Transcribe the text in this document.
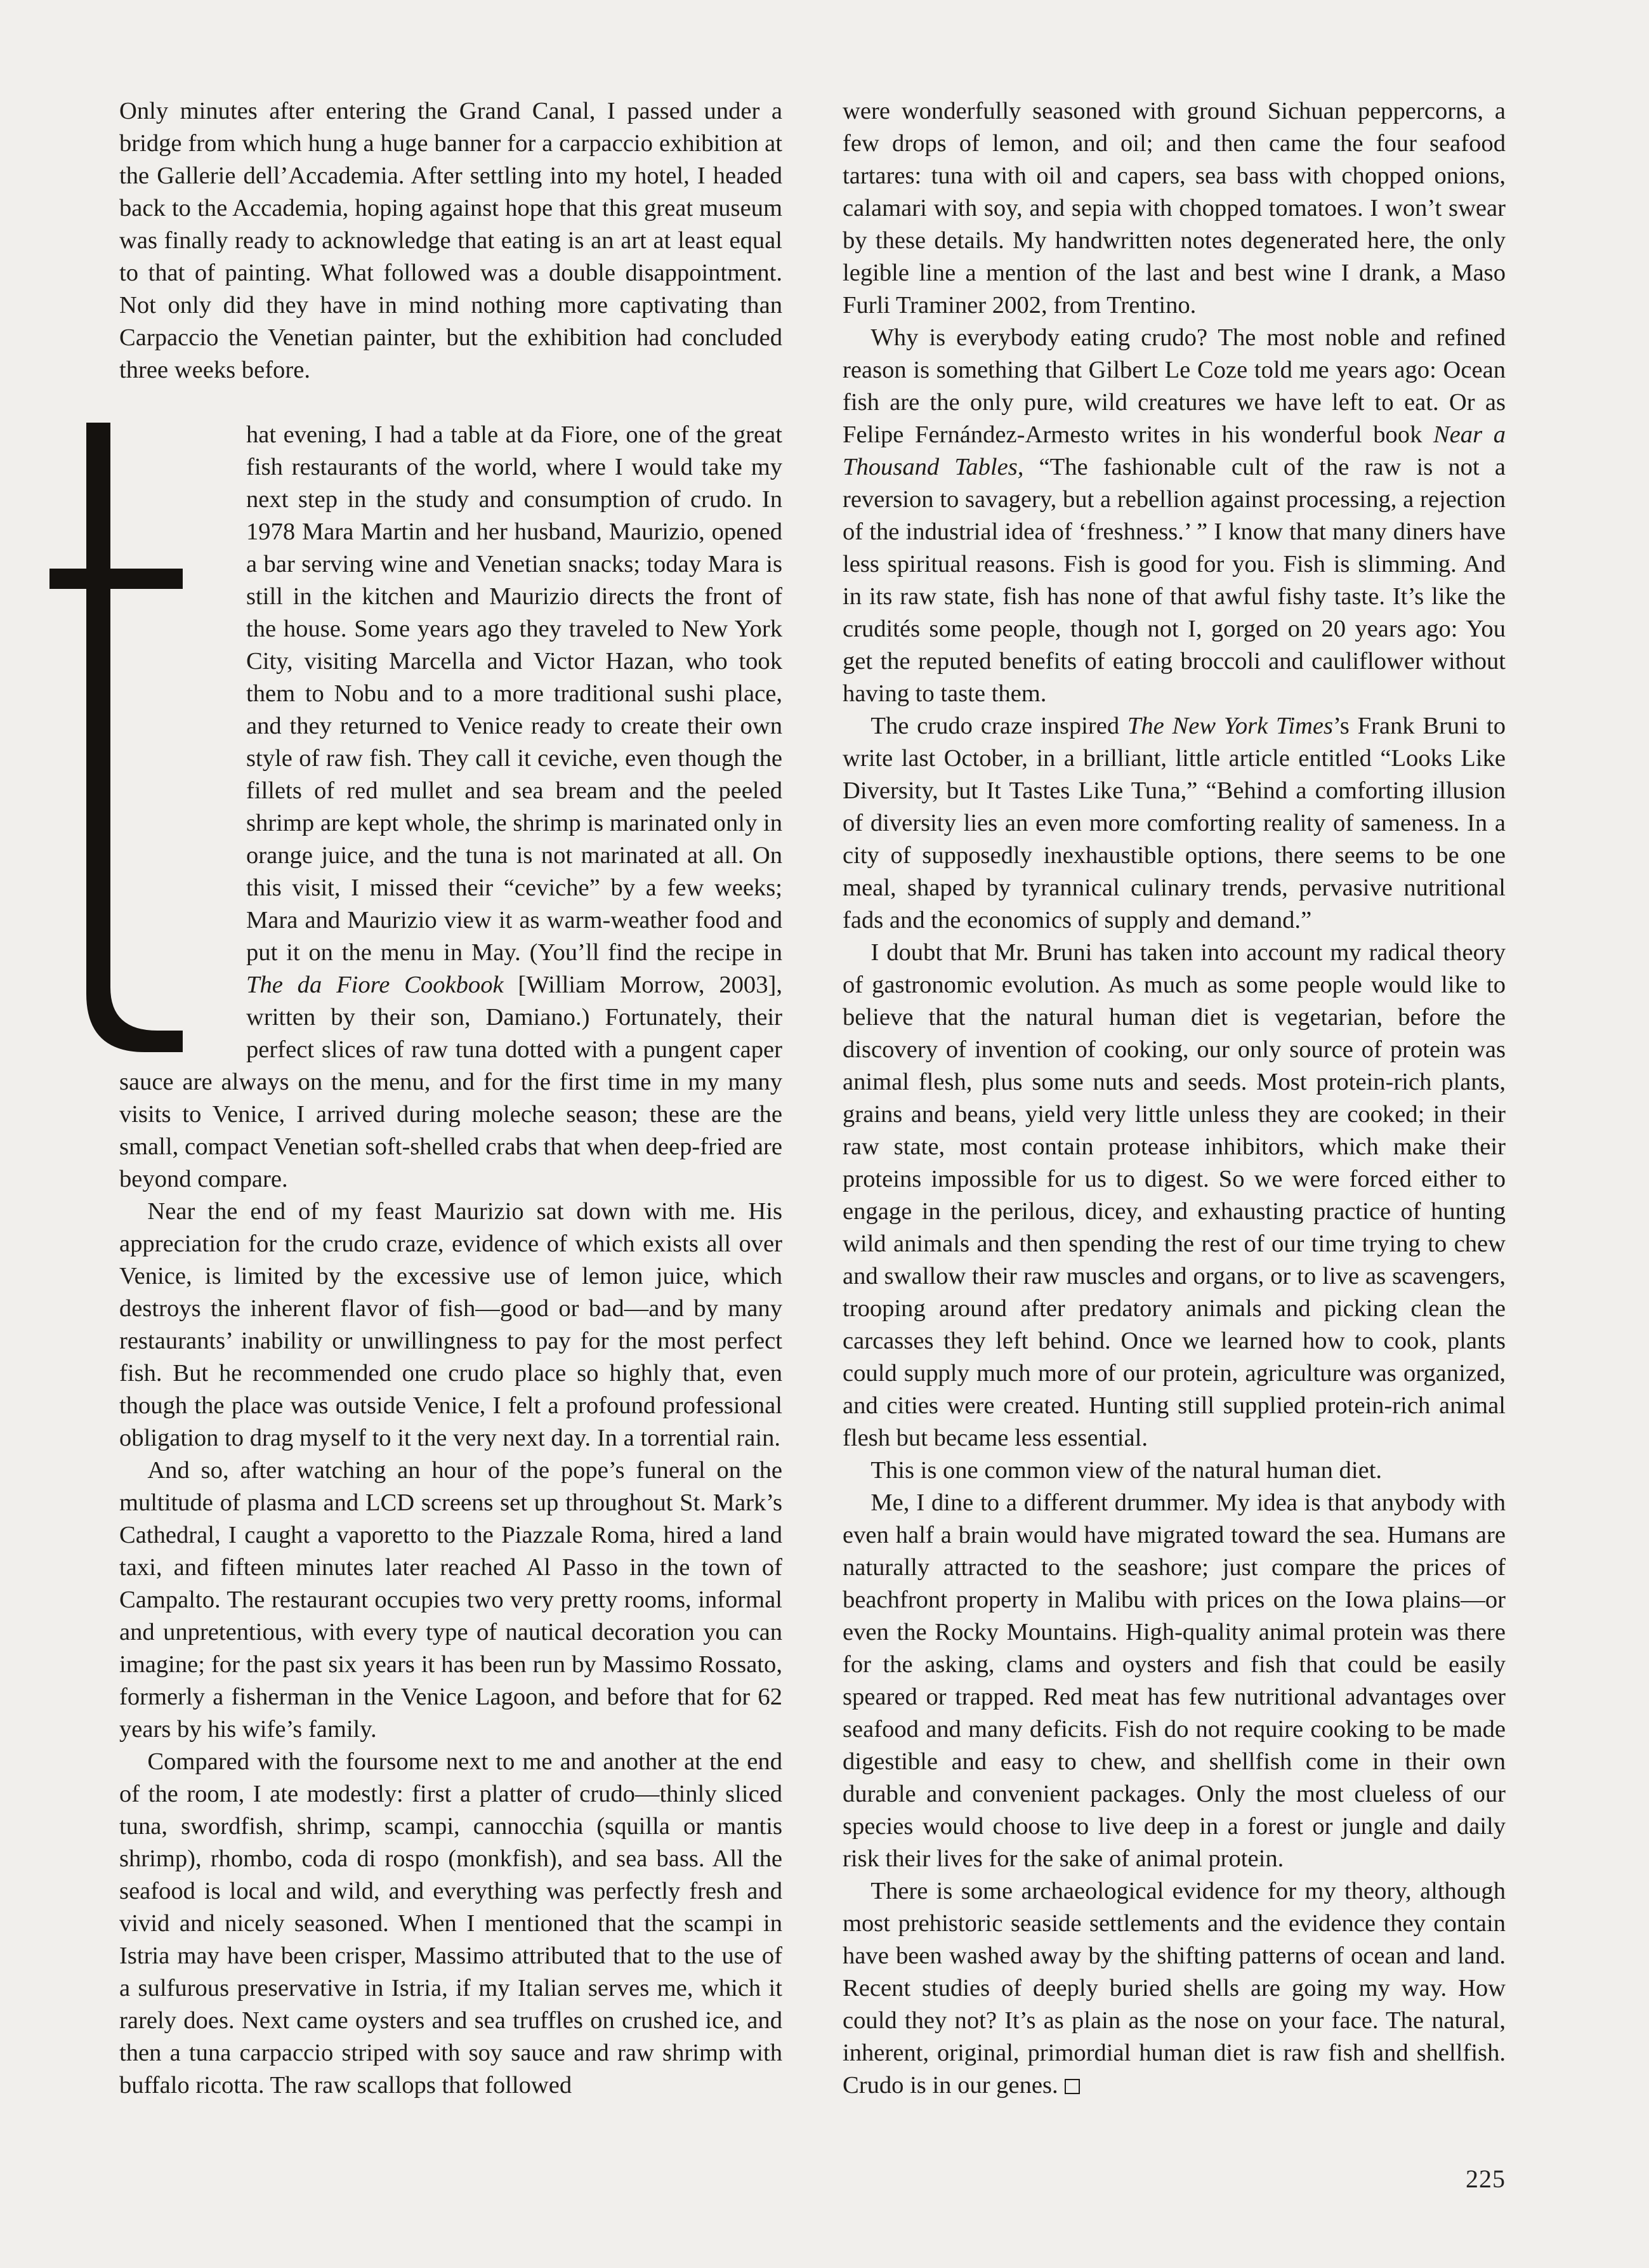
Only minutes after entering the Grand Canal, I passed under a bridge from which hung a huge banner for a carpaccio exhibition at the Gallerie dell’Accademia. After settling into my hotel, I headed back to the Accademia, hoping against hope that this great museum was finally ready to acknowledge that eating is an art at least equal to that of painting. What followed was a double disappointment. Not only did they have in mind nothing more captivating than Carpaccio the Venetian painter, but the exhibition had concluded three weeks before.

hat evening, I had a table at da Fiore, one of the great fish restaurants of the world, where I would take my next step in the study and consumption of crudo. In 1978 Mara Martin and her husband, Maurizio, opened a bar serving wine and Venetian snacks; today Mara is still in the kitchen and Maurizio directs the front of the house. Some years ago they traveled to New York City, visiting Marcella and Victor Hazan, who took them to Nobu and to a more traditional sushi place, and they returned to Venice ready to create their own style of raw fish. They call it ceviche, even though the fillets of red mullet and sea bream and the peeled shrimp are kept whole, the shrimp is marinated only in orange juice, and the tuna is not marinated at all. On this visit, I missed their “ceviche” by a few weeks; Mara and Maurizio view it as warm-weather food and put it on the menu in May. (You’ll find the recipe in The da Fiore Cookbook [William Morrow, 2003], written by their son, Damiano.) Fortunately, their perfect slices of raw tuna dotted with a pungent caper sauce are always on the menu, and for the first time in my many visits to Venice, I arrived during moleche season; these are the small, compact Venetian soft-shelled crabs that when deep-fried are beyond compare.

Near the end of my feast Maurizio sat down with me. His appreciation for the crudo craze, evidence of which exists all over Venice, is limited by the excessive use of lemon juice, which destroys the inherent flavor of fish—good or bad—and by many restaurants’ inability or unwillingness to pay for the most perfect fish. But he recommended one crudo place so highly that, even though the place was outside Venice, I felt a profound professional obligation to drag myself to it the very next day. In a torrential rain.

And so, after watching an hour of the pope’s funeral on the multitude of plasma and LCD screens set up throughout St. Mark’s Cathedral, I caught a vaporetto to the Piazzale Roma, hired a land taxi, and fifteen minutes later reached Al Passo in the town of Campalto. The restaurant occupies two very pretty rooms, informal and unpretentious, with every type of nautical decoration you can imagine; for the past six years it has been run by Massimo Rossato, formerly a fisherman in the Venice Lagoon, and before that for 62 years by his wife’s family.

Compared with the foursome next to me and another at the end of the room, I ate modestly: first a platter of crudo—thinly sliced tuna, swordfish, shrimp, scampi, cannocchia (squilla or mantis shrimp), rhombo, coda di rospo (monkfish), and sea bass. All the seafood is local and wild, and everything was perfectly fresh and vivid and nicely seasoned. When I mentioned that the scampi in Istria may have been crisper, Massimo attributed that to the use of a sulfurous preservative in Istria, if my Italian serves me, which it rarely does. Next came oysters and sea truffles on crushed ice, and then a tuna carpaccio striped with soy sauce and raw shrimp with buffalo ricotta. The raw scallops that followed

were wonderfully seasoned with ground Sichuan peppercorns, a few drops of lemon, and oil; and then came the four seafood tartares: tuna with oil and capers, sea bass with chopped onions, calamari with soy, and sepia with chopped tomatoes. I won’t swear by these details. My handwritten notes degenerated here, the only legible line a mention of the last and best wine I drank, a Maso Furli Traminer 2002, from Trentino.

Why is everybody eating crudo? The most noble and refined reason is something that Gilbert Le Coze told me years ago: Ocean fish are the only pure, wild creatures we have left to eat. Or as Felipe Fernández-Armesto writes in his wonderful book Near a Thousand Tables, “The fashionable cult of the raw is not a reversion to savagery, but a rebellion against processing, a rejection of the industrial idea of ‘freshness.’ ” I know that many diners have less spiritual reasons. Fish is good for you. Fish is slimming. And in its raw state, fish has none of that awful fishy taste. It’s like the crudités some people, though not I, gorged on 20 years ago: You get the reputed benefits of eating broccoli and cauliflower without having to taste them.

The crudo craze inspired The New York Times’s Frank Bruni to write last October, in a brilliant, little article entitled “Looks Like Diversity, but It Tastes Like Tuna,” “Behind a comforting illusion of diversity lies an even more comforting reality of sameness. In a city of supposedly inexhaustible options, there seems to be one meal, shaped by tyrannical culinary trends, pervasive nutritional fads and the economics of supply and demand.”

I doubt that Mr. Bruni has taken into account my radical theory of gastronomic evolution. As much as some people would like to believe that the natural human diet is vegetarian, before the discovery of invention of cooking, our only source of protein was animal flesh, plus some nuts and seeds. Most protein-rich plants, grains and beans, yield very little unless they are cooked; in their raw state, most contain protease inhibitors, which make their proteins impossible for us to digest. So we were forced either to engage in the perilous, dicey, and exhausting practice of hunting wild animals and then spending the rest of our time trying to chew and swallow their raw muscles and organs, or to live as scavengers, trooping around after predatory animals and picking clean the carcasses they left behind. Once we learned how to cook, plants could supply much more of our protein, agriculture was organized, and cities were created. Hunting still supplied protein-rich animal flesh but became less essential.

This is one common view of the natural human diet.

Me, I dine to a different drummer. My idea is that anybody with even half a brain would have migrated toward the sea. Humans are naturally attracted to the seashore; just compare the prices of beachfront property in Malibu with prices on the Iowa plains—or even the Rocky Mountains. High-quality animal protein was there for the asking, clams and oysters and fish that could be easily speared or trapped. Red meat has few nutritional advantages over seafood and many deficits. Fish do not require cooking to be made digestible and easy to chew, and shellfish come in their own durable and convenient packages. Only the most clueless of our species would choose to live deep in a forest or jungle and daily risk their lives for the sake of animal protein.

There is some archaeological evidence for my theory, although most prehistoric seaside settlements and the evidence they contain have been washed away by the shifting patterns of ocean and land. Recent studies of deeply buried shells are going my way. How could they not? It’s as plain as the nose on your face. The natural, inherent, original, primordial human diet is raw fish and shellfish. Crudo is in our genes.

225
